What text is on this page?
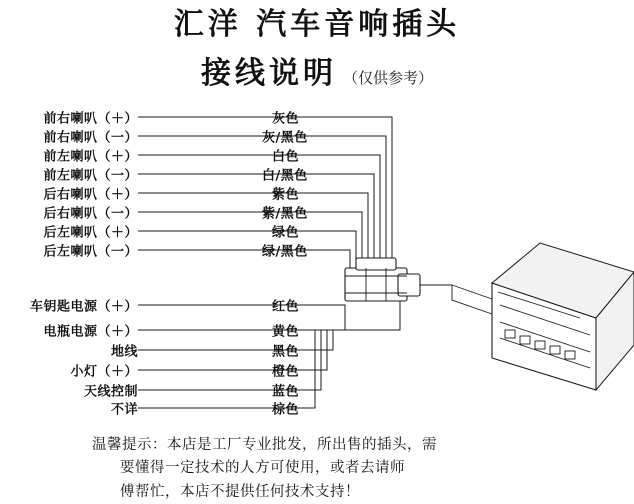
汇洋 汽车音响插头
接线说明 （仅供参考）
前右喇叭（＋）
前右喇叭（一）
前左喇叭（＋）
前左喇叭（一）
后右喇叭（＋）
后右喇叭（一）
后左喇叭（＋）
后左喇叭（一）
灰色
灰/黑色
白色
白/黑色
紫色
紫/黑色
绿色
绿/黑色
车钥匙电源（＋）
电瓶电源（＋）
地线
小灯（＋）
天线控制
不详
红色
黄色
黑色
橙色
蓝色
棕色
温馨提示：本店是工厂专业批发，所出售的插头，需
要懂得一定技术的人方可使用，或者去请师
傅帮忙，本店不提供任何技术支持！
